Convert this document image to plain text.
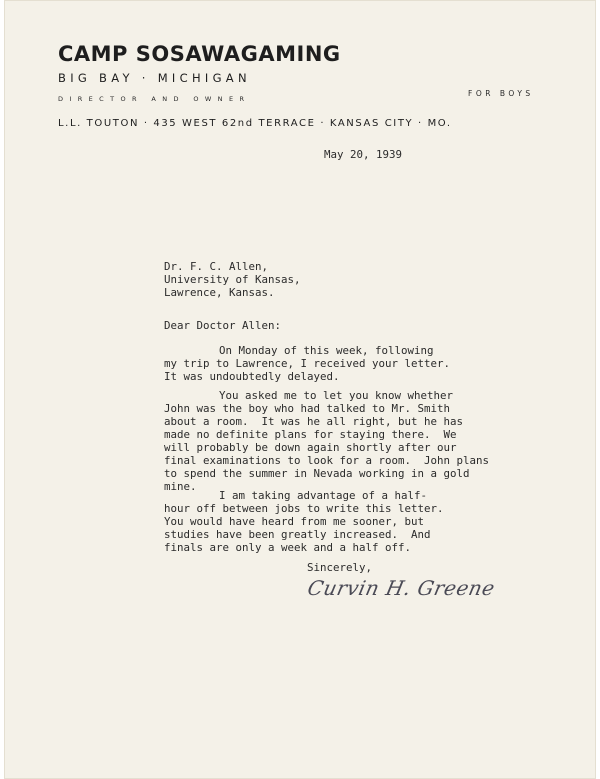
CAMP SOSAWAGAMING
BIG BAY · MICHIGAN
DIRECTOR AND OWNER
FOR BOYS
L.L. TOUTON · 435 WEST 62nd TERRACE · KANSAS CITY · MO.
May 20, 1939
Dr. F. C. Allen,
University of Kansas,
Lawrence, Kansas.
Dear Doctor Allen:
On Monday of this week, following
my trip to Lawrence, I received your letter.
It was undoubtedly delayed.
You asked me to let you know whether
John was the boy who had talked to Mr. Smith
about a room.  It was he all right, but he has
made no definite plans for staying there.  We
will probably be down again shortly after our
final examinations to look for a room.  John plans
to spend the summer in Nevada working in a gold
mine.
I am taking advantage of a half-
hour off between jobs to write this letter.
You would have heard from me sooner, but
studies have been greatly increased.  And
finals are only a week and a half off.
Sincerely,
Curvin H. Greene
